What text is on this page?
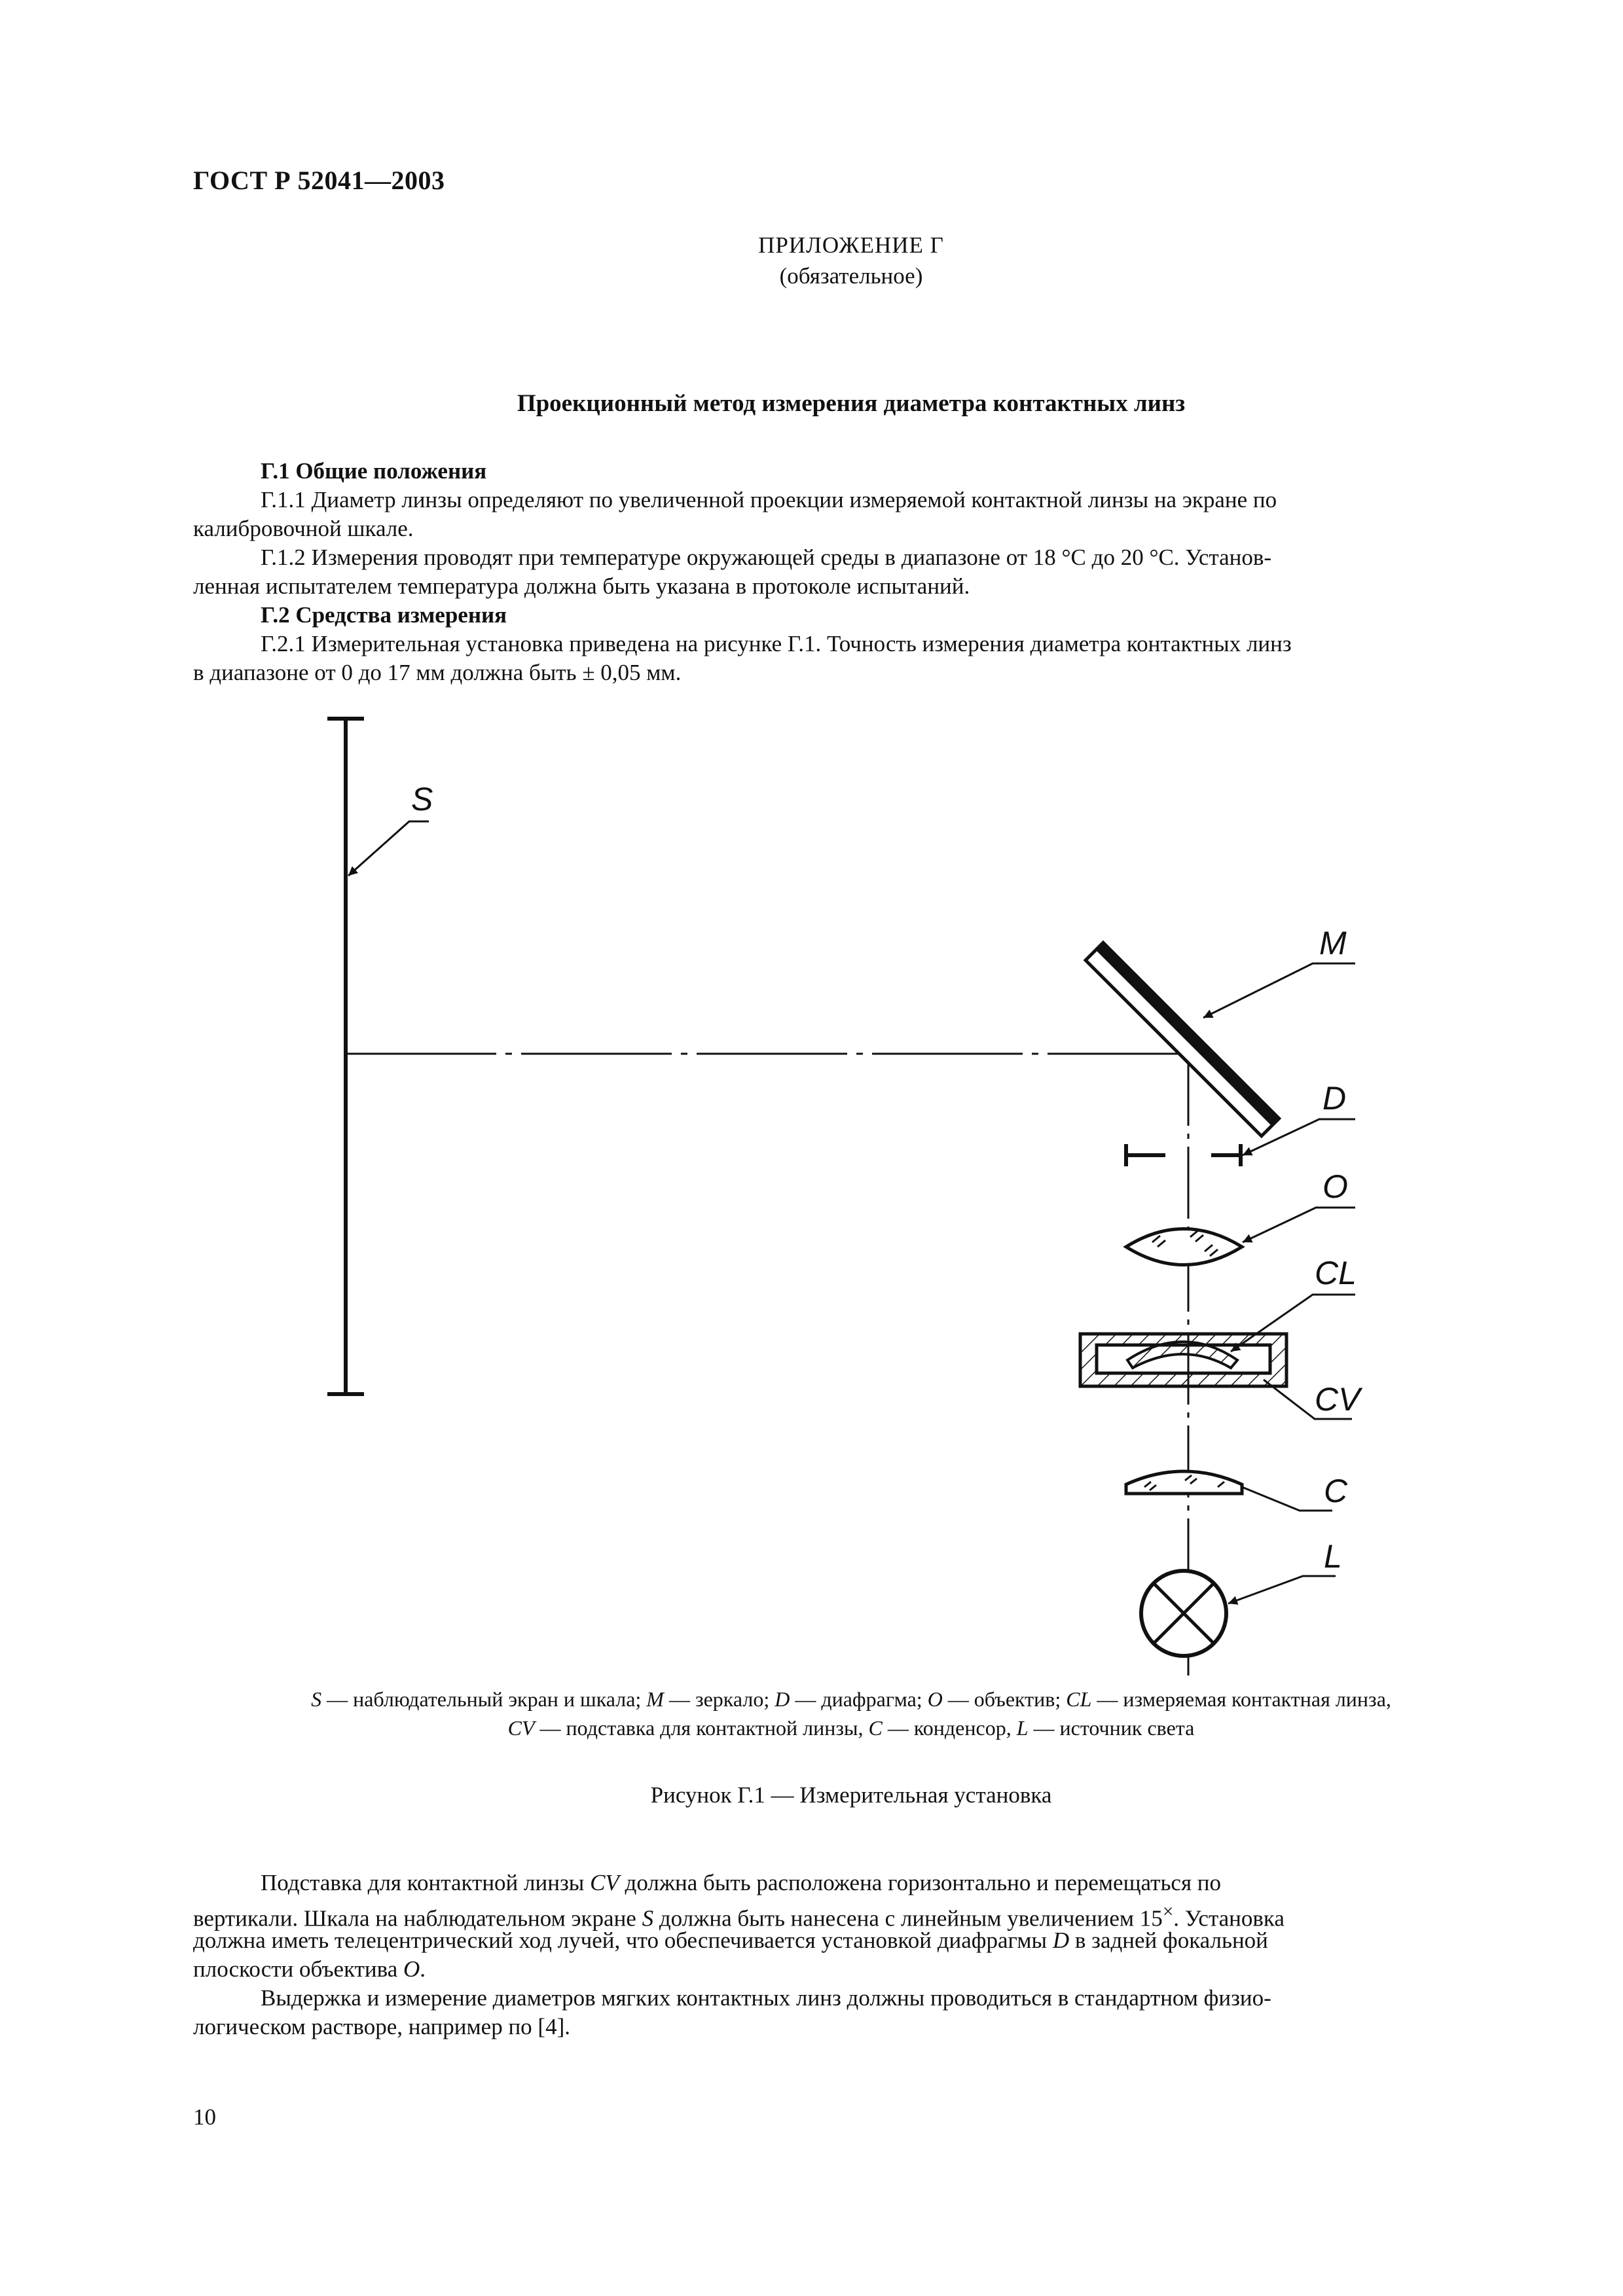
ГОСТ Р 52041—2003
ПРИЛОЖЕНИЕ Г
(обязательное)
Проекционный метод измерения диаметра контактных линз
Г.1 Общие положения
Г.1.1 Диаметр линзы определяют по увеличенной проекции измеряемой контактной линзы на экране по
калибровочной шкале.
Г.1.2 Измерения проводят при температуре окружающей среды в диапазоне от 18 °С до 20 °С. Установ-
ленная испытателем температура должна быть указана в протоколе испытаний.
Г.2 Средства измерения
Г.2.1 Измерительная установка приведена на рисунке Г.1. Точность измерения диаметра контактных линз
в диапазоне от 0 до 17 мм должна быть ± 0,05 мм.
S
M
D
O
CL
CV
C
L
S — наблюдательный экран и шкала; M — зеркало; D — диафрагма; O — объектив; CL — измеряемая контактная линза,
CV — подставка для контактной линзы, C — конденсор, L — источник света
Рисунок Г.1 — Измерительная установка
Подставка для контактной линзы CV должна быть расположена горизонтально и перемещаться по
вертикали. Шкала на наблюдательном экране S должна быть нанесена с линейным увеличением 15×. Установка
должна иметь телецентрический ход лучей, что обеспечивается установкой диафрагмы D в задней фокальной
плоскости объектива O.
Выдержка и измерение диаметров мягких контактных линз должны проводиться в стандартном физио-
логическом растворе, например по [4].
10
